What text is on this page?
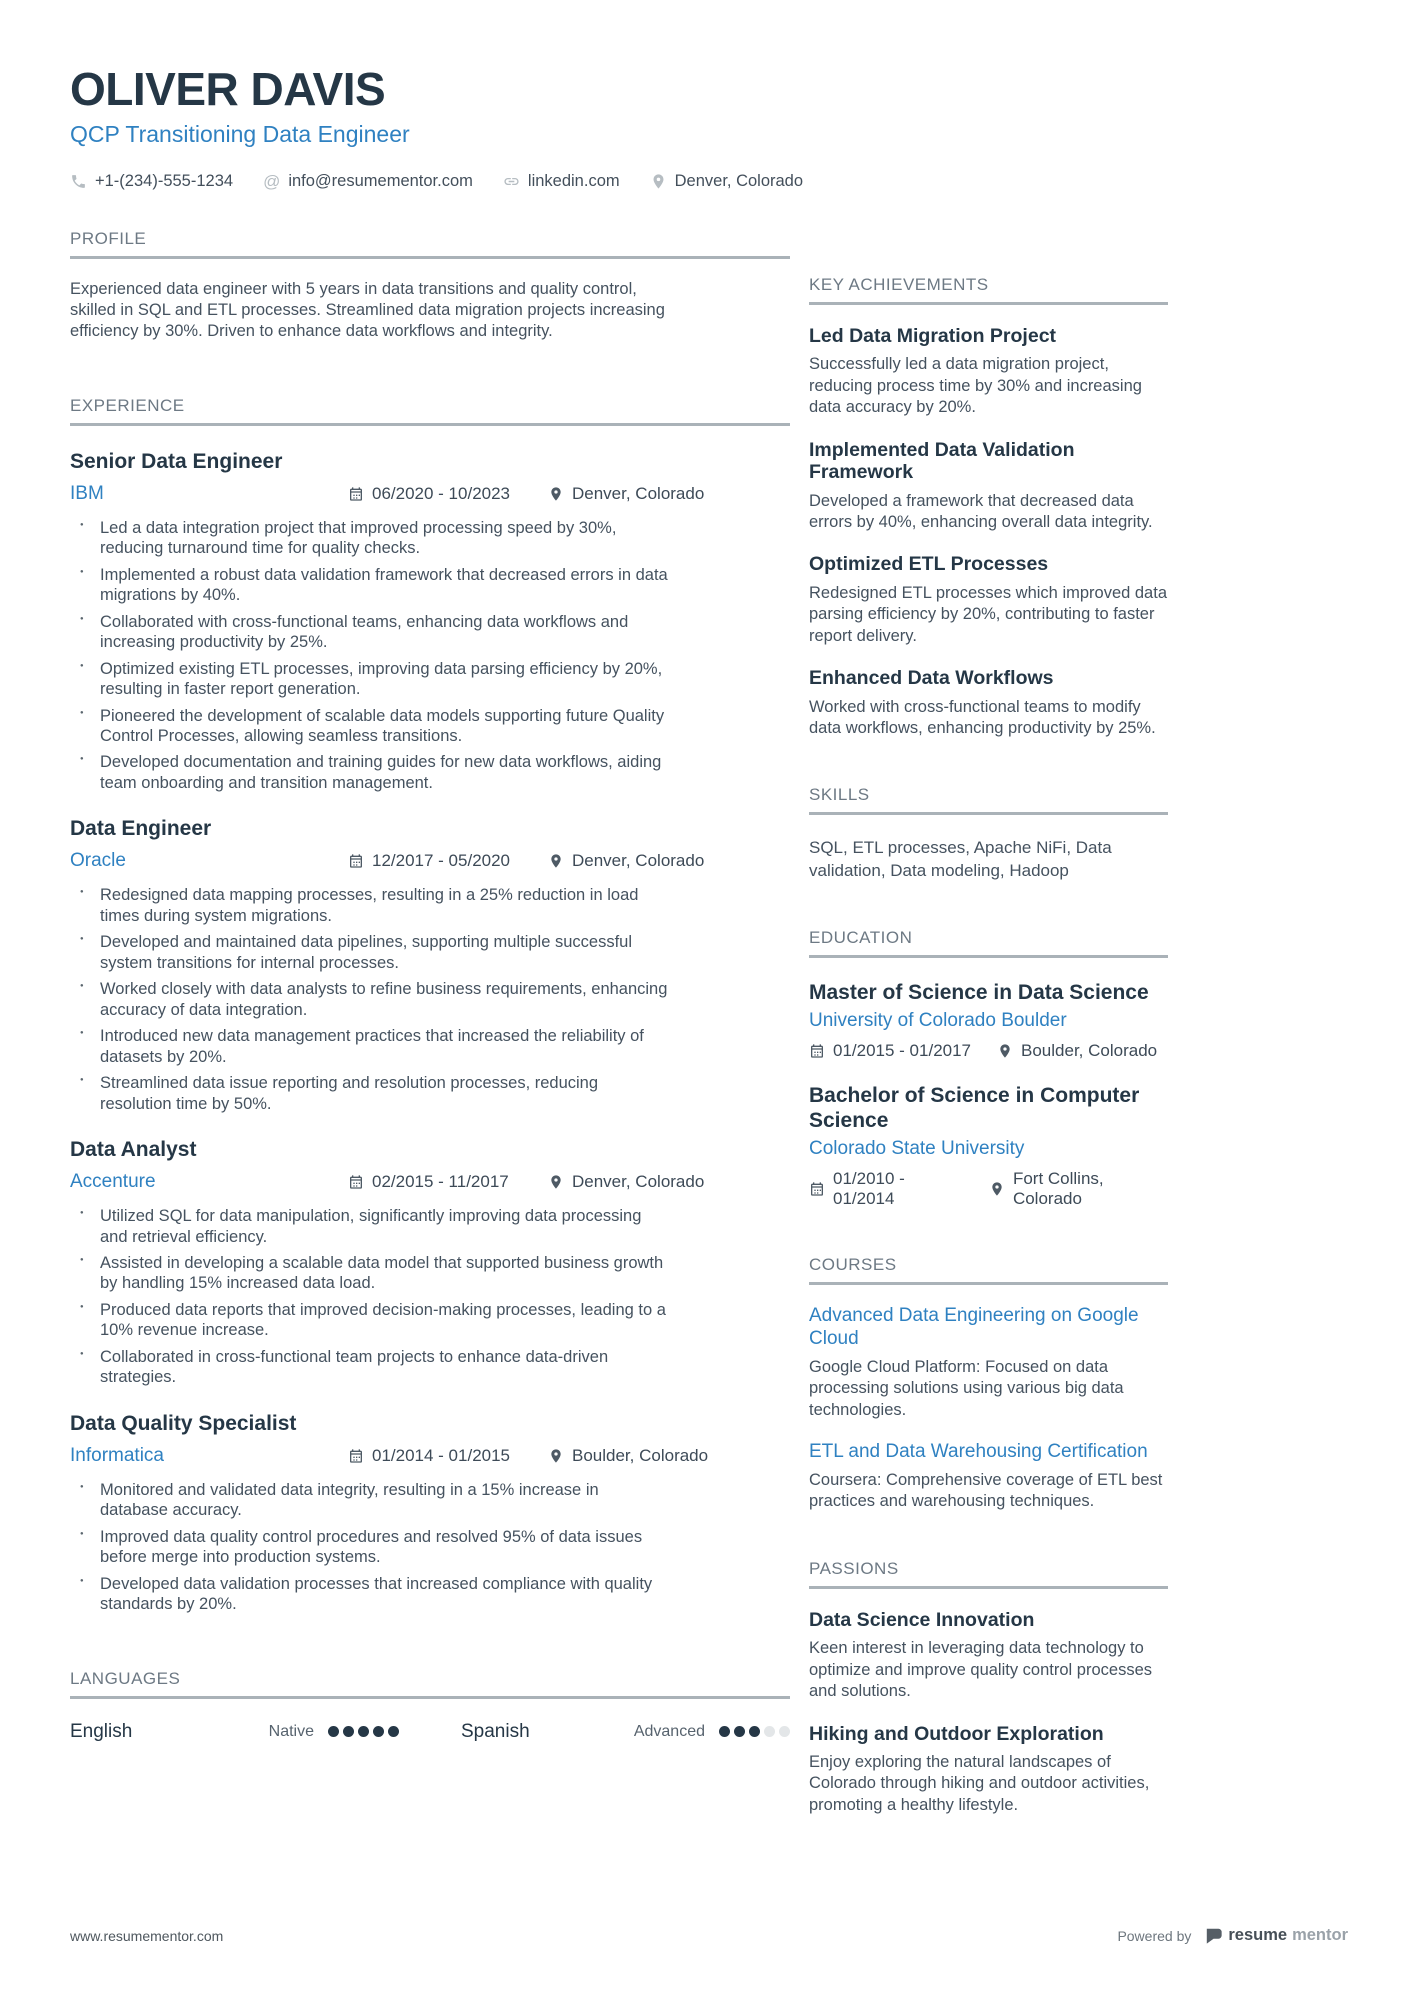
OLIVER DAVIS
QCP Transitioning Data Engineer
+1-(234)-555-1234 @ info@resumementor.com	linkedin.com	Denver, Colorado
PROFILE

Experienced data engineer with 5 years in data transitions and quality control, skilled in SQL and ETL processes. Streamlined data migration projects increasing efficiency by 30%. Driven to enhance data workflows and integrity.

EXPERIENCE
Senior Data Engineer
IBM	06/2020 - 10/2023	Denver, Colorado
● Led a data integration project that improved processing speed by 30%, reducing turnaround time for quality checks.
● Implemented a robust data validation framework that decreased errors in data migrations by 40%.
● Collaborated with cross-functional teams, enhancing data workflows and increasing productivity by 25%.
● Optimized existing ETL processes, improving data parsing efficiency by 20%, resulting in faster report generation.
● Pioneered the development of scalable data models supporting future Quality Control Processes, allowing seamless transitions.
● Developed documentation and training guides for new data workflows, aiding team onboarding and transition management.
Data Engineer
Oracle	12/2017 - 05/2020	Denver, Colorado
● Redesigned data mapping processes, resulting in a 25% reduction in load times during system migrations.
● Developed and maintained data pipelines, supporting multiple successful system transitions for internal processes.
● Worked closely with data analysts to refine business requirements, enhancing accuracy of data integration.
● Introduced new data management practices that increased the reliability of datasets by 20%.
● Streamlined data issue reporting and resolution processes, reducing resolution time by 50%.
Data Analyst
Accenture	02/2015 - 11/2017	Denver, Colorado
● Utilized SQL for data manipulation, significantly improving data processing and retrieval efficiency.
● Assisted in developing a scalable data model that supported business growth by handling 15% increased data load.
● Produced data reports that improved decision-making processes, leading to a 10% revenue increase.
● Collaborated in cross-functional team projects to enhance data-driven strategies.
Data Quality Specialist
Informatica	01/2014 - 01/2015	Boulder, Colorado
● Monitored and validated data integrity, resulting in a 15% increase in database accuracy.
● Improved data quality control procedures and resolved 95% of data issues before merge into production systems.
● Developed data validation processes that increased compliance with quality standards by 20%.
LANGUAGES
English	Native	Spanish	Advanced
KEY ACHIEVEMENTS
Led Data Migration Project

Successfully led a data migration project, reducing process time by 30% and increasing data accuracy by 20%.

Implemented Data Validation Framework

Developed a framework that decreased data errors by 40%, enhancing overall data integrity.

Optimized ETL Processes

Redesigned ETL processes which improved data parsing efficiency by 20%, contributing to faster report delivery.

Enhanced Data Workflows

Worked with cross-functional teams to modify data workflows, enhancing productivity by 25%.

SKILLS

SQL, ETL processes, Apache NiFi, Data validation, Data modeling, Hadoop

EDUCATION
Master of Science in Data Science
University of Colorado Boulder
01/2015 - 01/2017	Boulder, Colorado
Bachelor of Science in Computer Science
Colorado State University
01/2010 - 01/2014
Fort Collins, Colorado
COURSES
Advanced Data Engineering on Google Cloud

Google Cloud Platform: Focused on data processing solutions using various big data technologies.

ETL and Data Warehousing Certification

Coursera: Comprehensive coverage of ETL best practices and warehousing techniques.

PASSIONS
Data Science Innovation

Keen interest in leveraging data technology to optimize and improve quality control processes and solutions.

Hiking and Outdoor Exploration

Enjoy exploring the natural landscapes of Colorado through hiking and outdoor activities, promoting a healthy lifestyle.

www.resumementor.com	Powered by resume mentor
